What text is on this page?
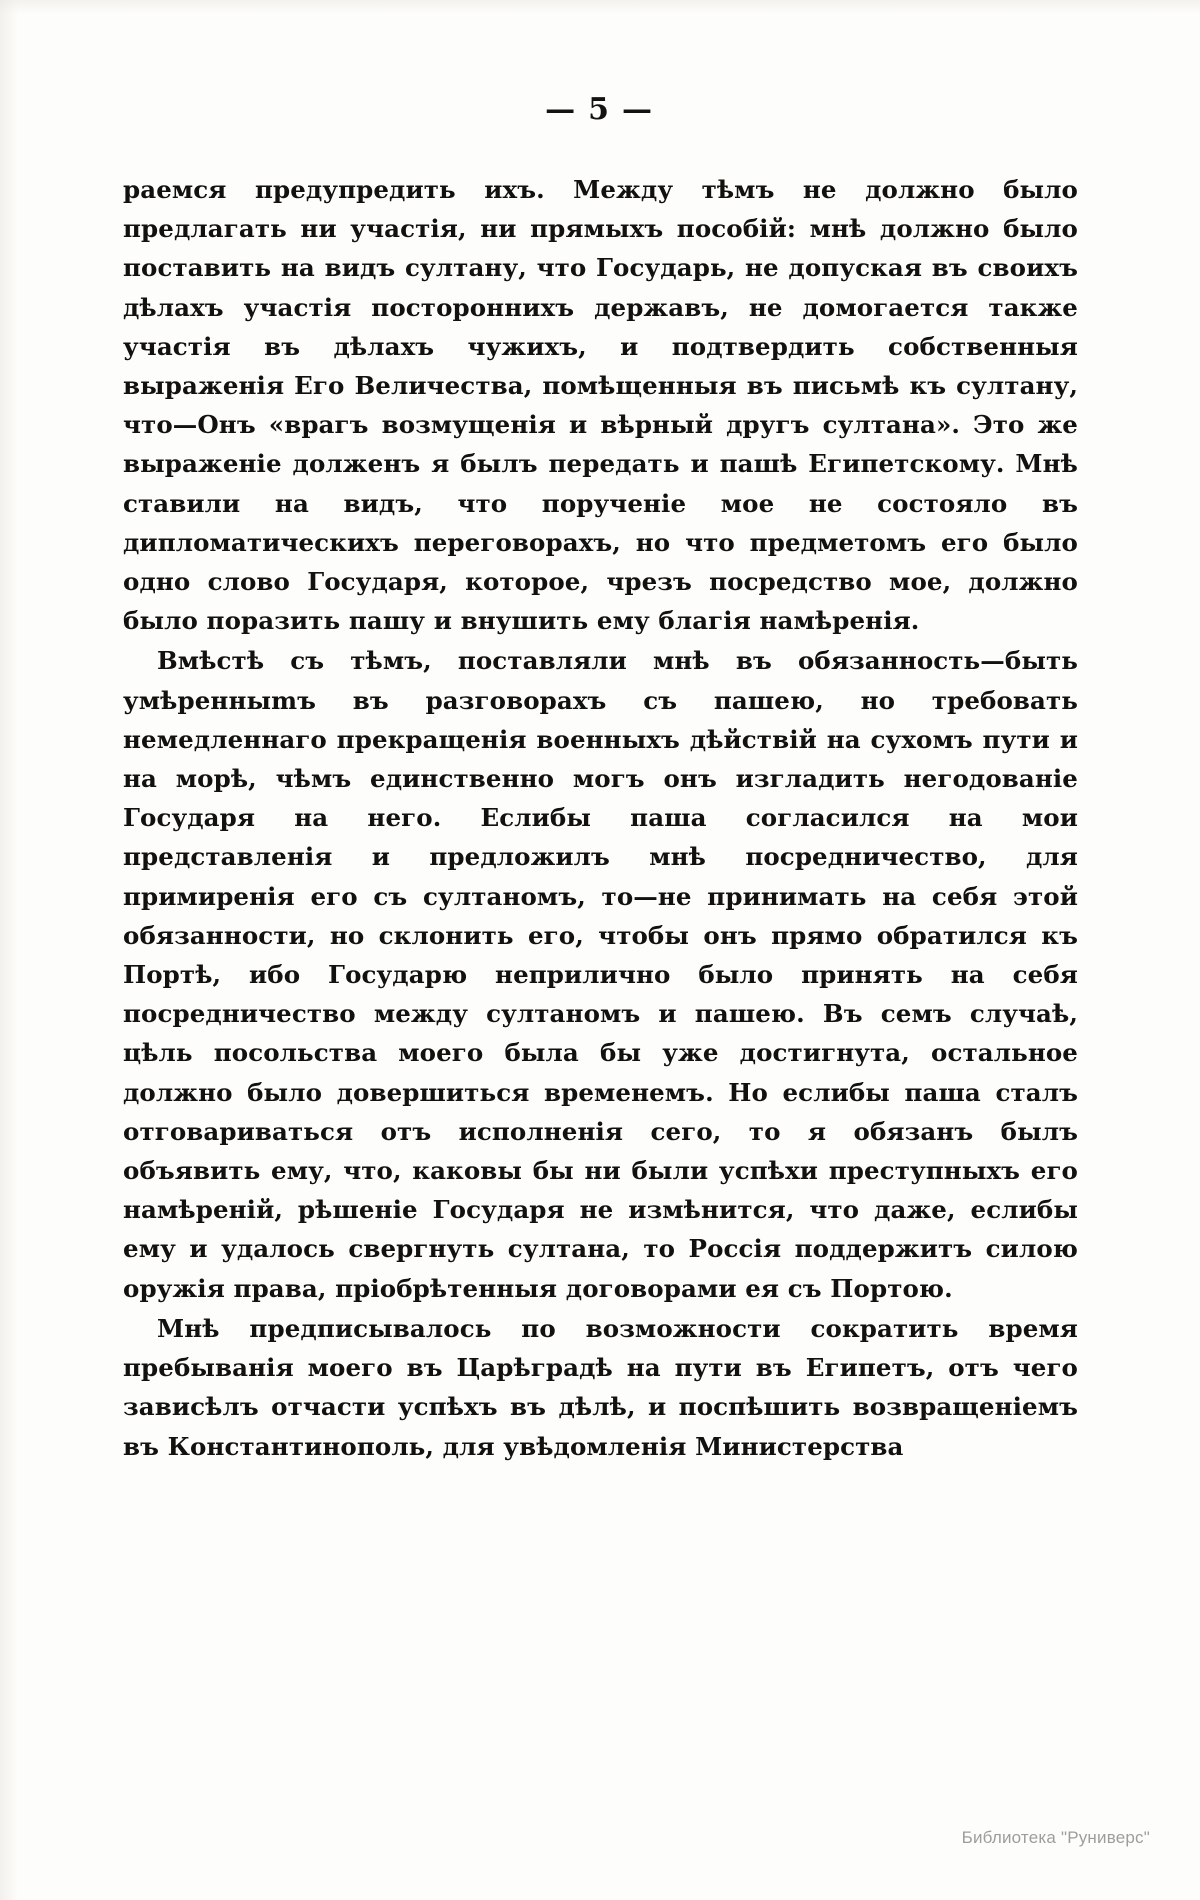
— 5 —

раемся предупредить ихъ. Между тѣмъ не должно было предлагать ни участія, ни прямыхъ пособій: мнѣ должно было поставить на видъ султану, что Государь, не допуская въ своихъ дѣлахъ участія постороннихъ державъ, не домогается также участія въ дѣлахъ чужихъ, и подтвердить собственныя выраженія Его Величества, помѣщенныя въ письмѣ къ султану, что—Онъ «врагъ возмущенія и вѣрный другъ султана». Это же выраженіе долженъ я былъ передать и пашѣ Египетскому. Мнѣ ставили на видъ, что порученіе мое не состояло въ дипломатическихъ переговорахъ, но что предметомъ его было одно слово Государя, которое, чрезъ посредство мое, должно было поразить пашу и внушить ему благія намѣренія.

Вмѣстѣ съ тѣмъ, поставляли мнѣ въ обязанность—быть умѣренныmъ въ разговорахъ съ пашею, но требовать немедленнаго прекращенія военныхъ дѣйствій на сухомъ пути и на морѣ, чѣмъ единственно могъ онъ изгладить негодованіе Государя на него. Еслибы паша согласился на мои представленія и предложилъ мнѣ посредничество, для примиренія его съ султаномъ, то—не принимать на себя этой обязанности, но склонить его, чтобы онъ прямо обратился къ Портѣ, ибо Государю неприлично было принять на себя посредничество между султаномъ и пашею. Въ семъ случаѣ, цѣль посольства моего была бы уже достигнута, остальное должно было довершиться временемъ. Но еслибы паша сталъ отговариваться отъ исполненія сего, то я обязанъ былъ объявить ему, что, каковы бы ни были успѣхи преступныхъ его намѣреній, рѣшеніе Государя не измѣнится, что даже, еслибы ему и удалось свергнуть султана, то Россія поддержитъ силою оружія права, пріобрѣтенныя договорами ея съ Портою.

Мнѣ предписывалось по возможности сократить время пребыванія моего въ Царѣградѣ на пути въ Египетъ, отъ чего зависѣлъ отчасти успѣхъ въ дѣлѣ, и поспѣшить возвращеніемъ въ Константинополь, для увѣдомленія Министерства

Библиотека "Руниверс"
